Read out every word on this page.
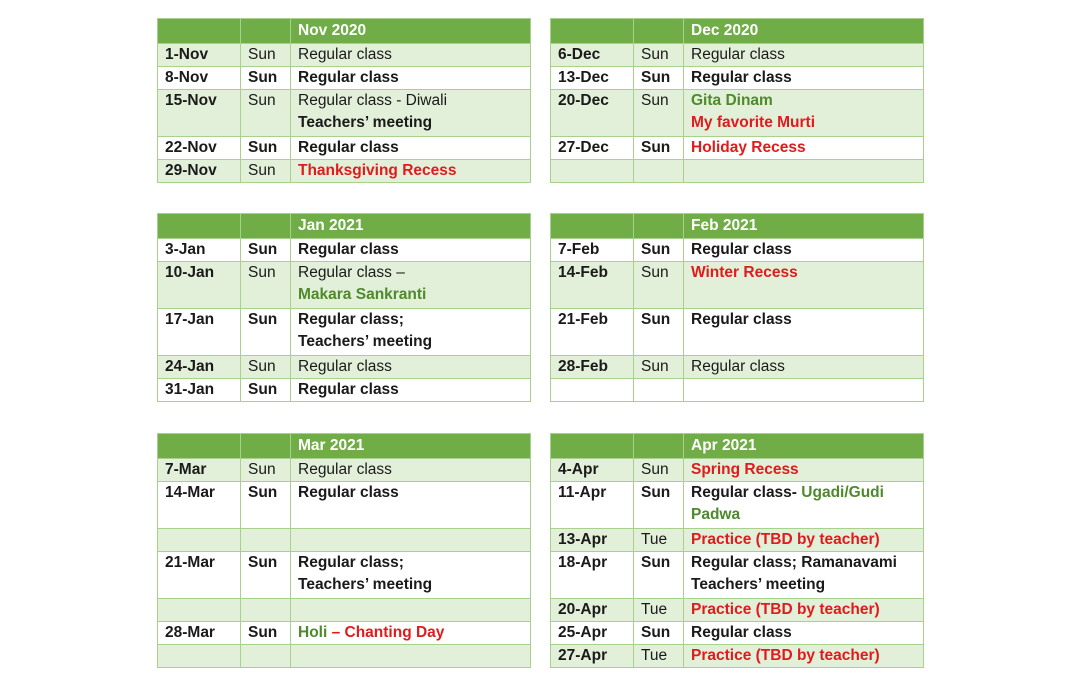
		Nov 2020
1-Nov	Sun	Regular class
8-Nov	Sun	Regular class
15-Nov	Sun	Regular class - Diwali
Teachers’ meeting

22-Nov	Sun	Regular class
29-Nov	Sun	Thanksgiving Recess
		Dec 2020
6-Dec	Sun	Regular class
13-Dec	Sun	Regular class
20-Dec	Sun	Gita Dinam
My favorite Murti

27-Dec	Sun	Holiday Recess

		Jan 2021
3-Jan	Sun	Regular class
10-Jan	Sun	Regular class –
Makara Sankranti

17-Jan	Sun	Regular class;
Teachers’ meeting

24-Jan	Sun	Regular class
31-Jan	Sun	Regular class
		Feb 2021
7-Feb	Sun	Regular class
14-Feb	Sun	Winter Recess
21-Feb	Sun	Regular class
28-Feb	Sun	Regular class

		Mar 2021
7-Mar	Sun	Regular class
14-Mar	Sun	Regular class

21-Mar	Sun	Regular class;
Teachers’ meeting

28-Mar	Sun	Holi – Chanting Day

		Apr 2021
4-Apr	Sun	Spring Recess
11-Apr	Sun	Regular class- Ugadi/Gudi
Padwa

13-Apr	Tue	Practice (TBD by teacher)
18-Apr	Sun	Regular class; Ramanavami
Teachers’ meeting

20-Apr	Tue	Practice (TBD by teacher)
25-Apr	Sun	Regular class
27-Apr	Tue	Practice (TBD by teacher)
